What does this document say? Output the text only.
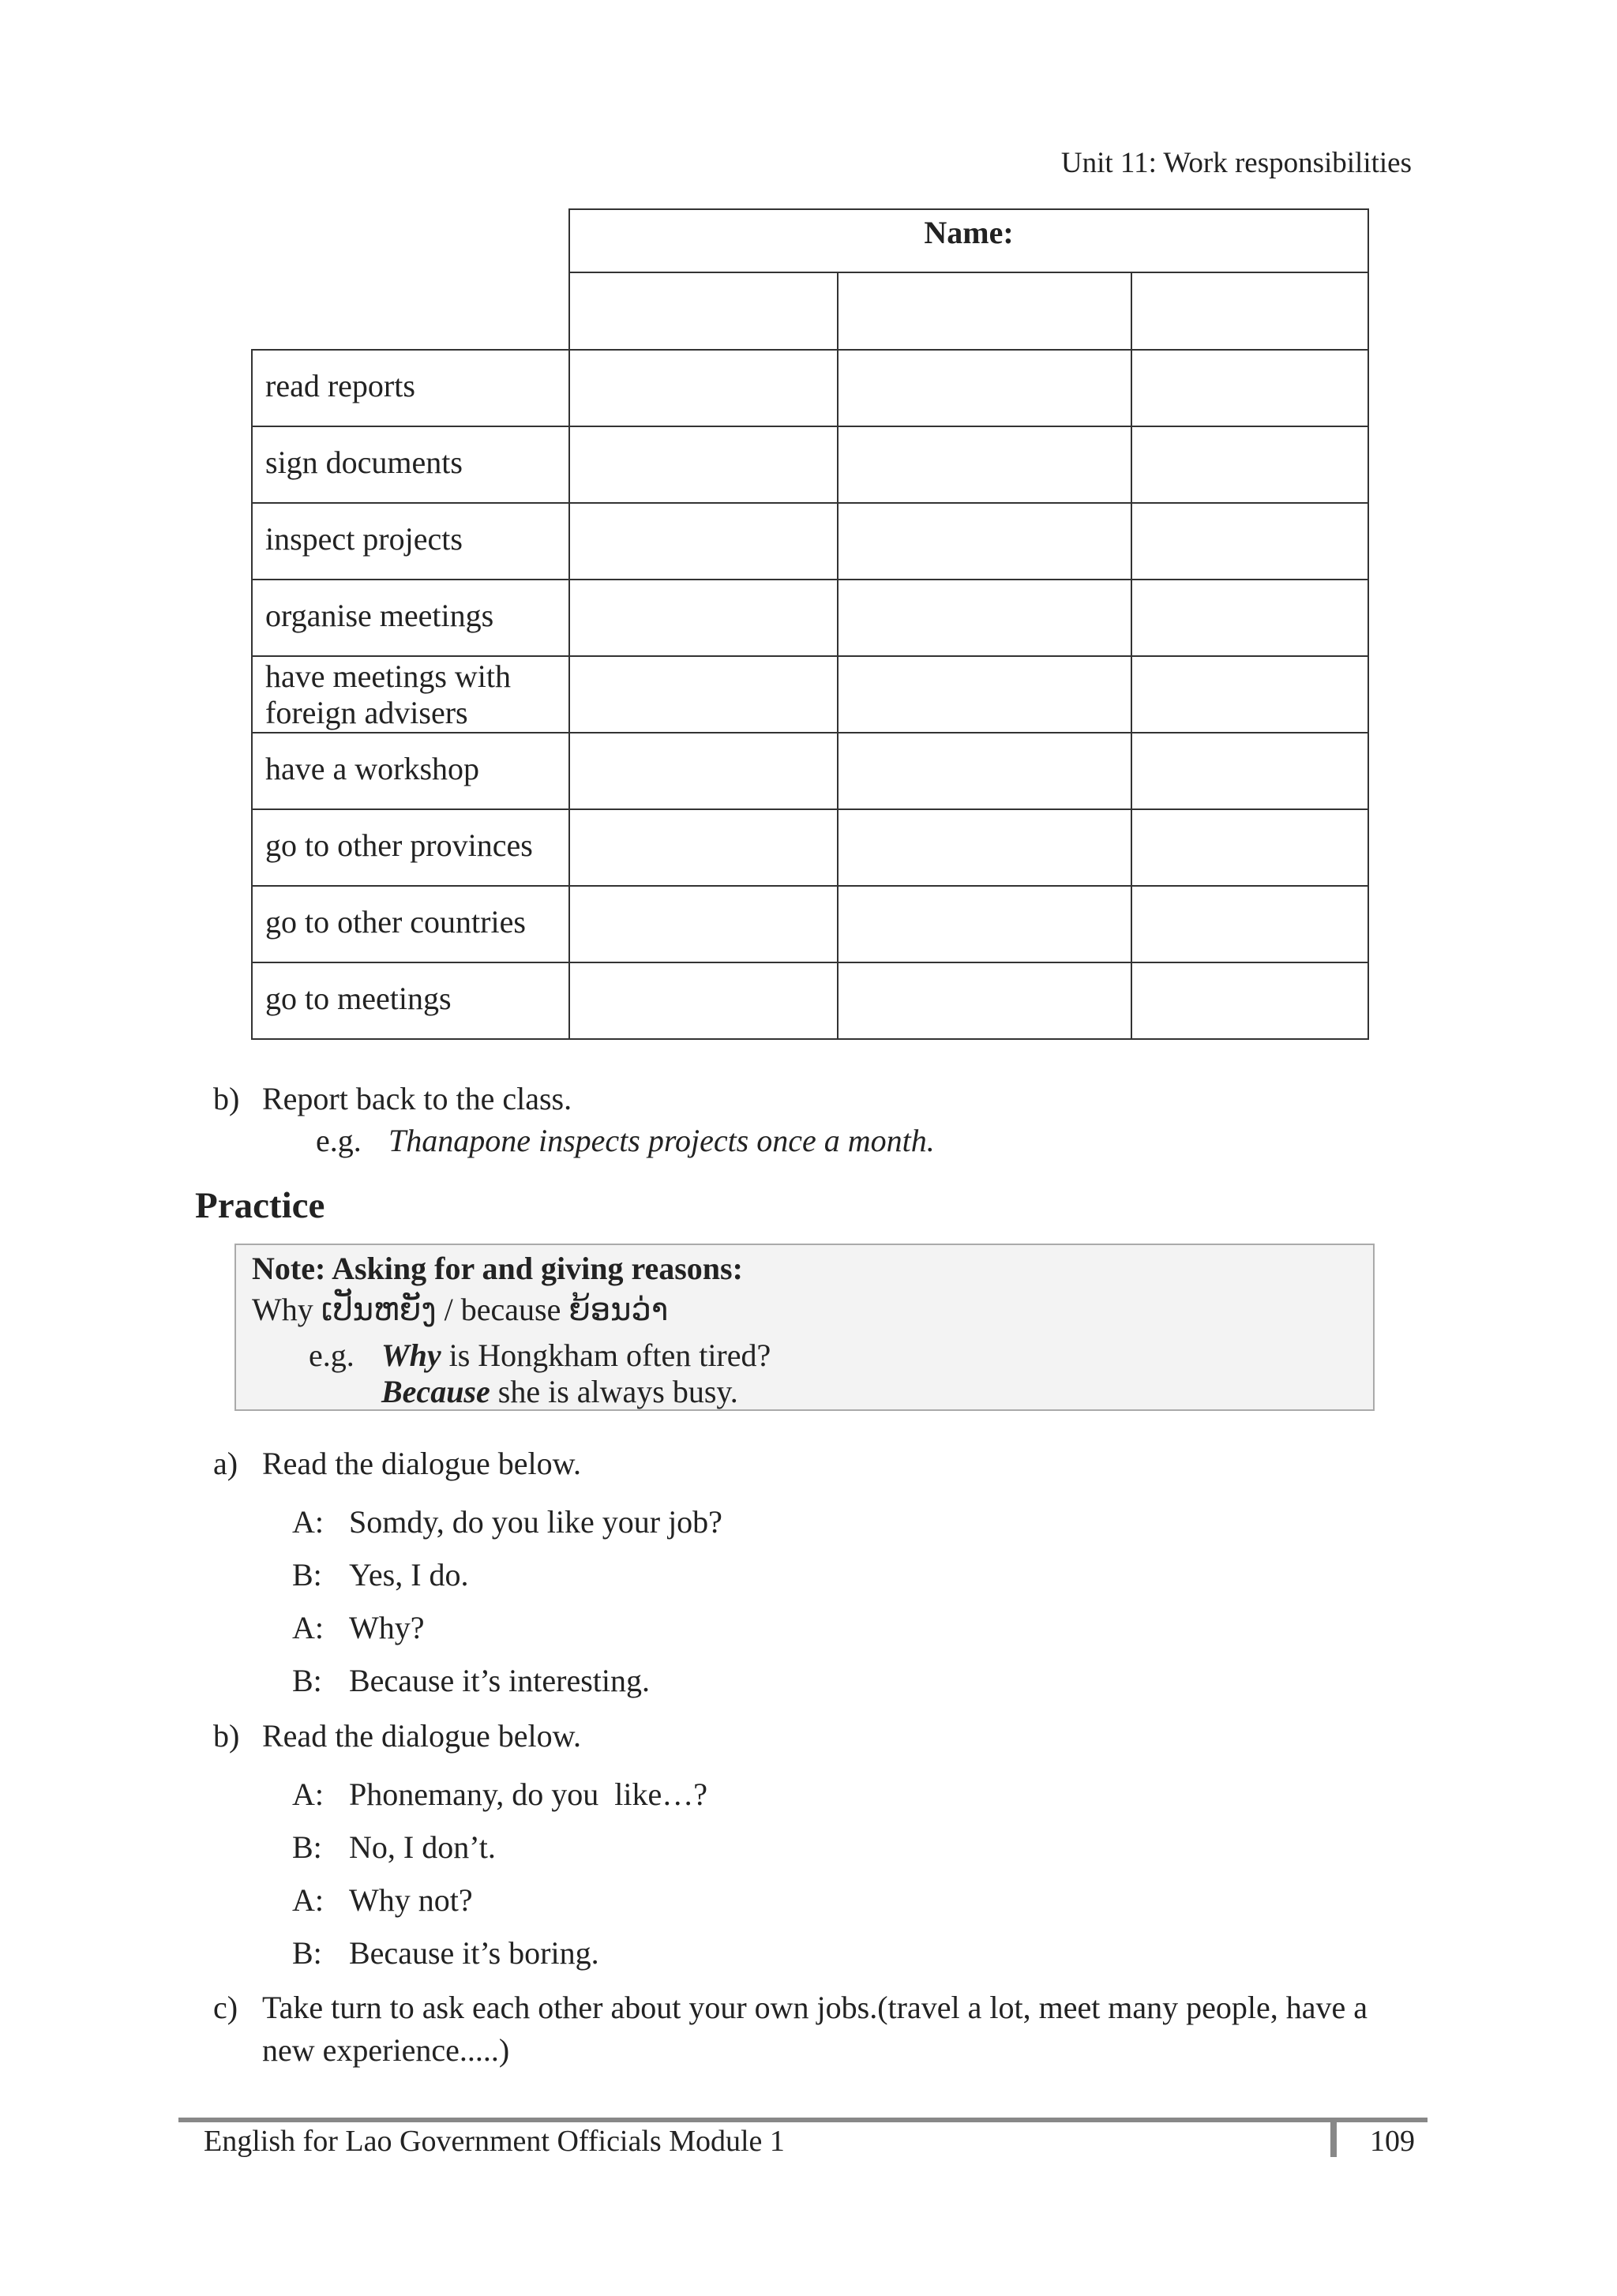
Unit 11: Work responsibilities
Name:
read reports
sign documents
inspect projects
organise meetings
have meetings with
foreign advisers
have a workshop
go to other provinces
go to other countries
go to meetings
b) Report back to the class.
e.g. Thanapone inspects projects once a month.
Practice
Note: Asking for and giving reasons:
Why ເປັນຫຍັງ / because ຍ້ອນວ່າ
e.g. Why is Hongkham often tired?
Because she is always busy.
a) Read the dialogue below.
A: Somdy, do you like your job?
B: Yes, I do.
A: Why?
B: Because it’s interesting.
b) Read the dialogue below.
A: Phonemany, do you  like…?
B: No, I don’t.
A: Why not?
B: Because it’s boring.
c) Take turn to ask each other about your own jobs.(travel a lot, meet many people, have a
new experience.....)
English for Lao Government Officials Module 1	109
